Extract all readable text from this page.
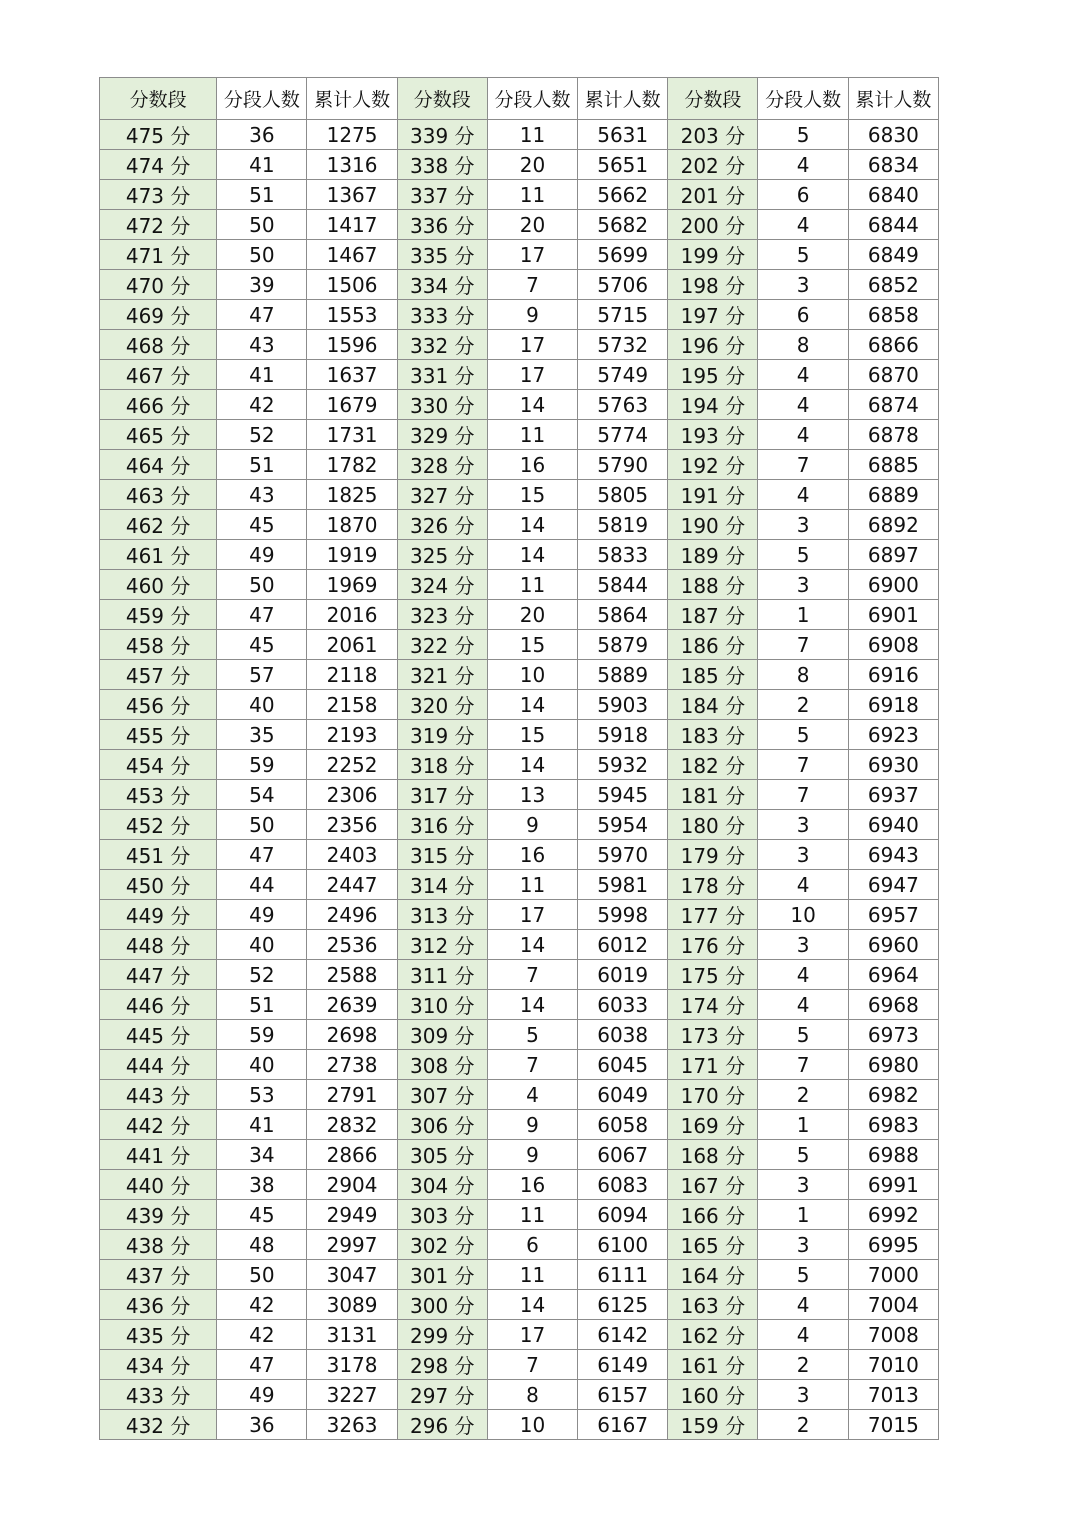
分数段	分段人数	累计人数	分数段	分段人数	累计人数	分数段	分段人数	累计人数
475 分	36	1275	339 分	11	5631	203 分	5	6830
474 分	41	1316	338 分	20	5651	202 分	4	6834
473 分	51	1367	337 分	11	5662	201 分	6	6840
472 分	50	1417	336 分	20	5682	200 分	4	6844
471 分	50	1467	335 分	17	5699	199 分	5	6849
470 分	39	1506	334 分	7	5706	198 分	3	6852
469 分	47	1553	333 分	9	5715	197 分	6	6858
468 分	43	1596	332 分	17	5732	196 分	8	6866
467 分	41	1637	331 分	17	5749	195 分	4	6870
466 分	42	1679	330 分	14	5763	194 分	4	6874
465 分	52	1731	329 分	11	5774	193 分	4	6878
464 分	51	1782	328 分	16	5790	192 分	7	6885
463 分	43	1825	327 分	15	5805	191 分	4	6889
462 分	45	1870	326 分	14	5819	190 分	3	6892
461 分	49	1919	325 分	14	5833	189 分	5	6897
460 分	50	1969	324 分	11	5844	188 分	3	6900
459 分	47	2016	323 分	20	5864	187 分	1	6901
458 分	45	2061	322 分	15	5879	186 分	7	6908
457 分	57	2118	321 分	10	5889	185 分	8	6916
456 分	40	2158	320 分	14	5903	184 分	2	6918
455 分	35	2193	319 分	15	5918	183 分	5	6923
454 分	59	2252	318 分	14	5932	182 分	7	6930
453 分	54	2306	317 分	13	5945	181 分	7	6937
452 分	50	2356	316 分	9	5954	180 分	3	6940
451 分	47	2403	315 分	16	5970	179 分	3	6943
450 分	44	2447	314 分	11	5981	178 分	4	6947
449 分	49	2496	313 分	17	5998	177 分	10	6957
448 分	40	2536	312 分	14	6012	176 分	3	6960
447 分	52	2588	311 分	7	6019	175 分	4	6964
446 分	51	2639	310 分	14	6033	174 分	4	6968
445 分	59	2698	309 分	5	6038	173 分	5	6973
444 分	40	2738	308 分	7	6045	171 分	7	6980
443 分	53	2791	307 分	4	6049	170 分	2	6982
442 分	41	2832	306 分	9	6058	169 分	1	6983
441 分	34	2866	305 分	9	6067	168 分	5	6988
440 分	38	2904	304 分	16	6083	167 分	3	6991
439 分	45	2949	303 分	11	6094	166 分	1	6992
438 分	48	2997	302 分	6	6100	165 分	3	6995
437 分	50	3047	301 分	11	6111	164 分	5	7000
436 分	42	3089	300 分	14	6125	163 分	4	7004
435 分	42	3131	299 分	17	6142	162 分	4	7008
434 分	47	3178	298 分	7	6149	161 分	2	7010
433 分	49	3227	297 分	8	6157	160 分	3	7013
432 分	36	3263	296 分	10	6167	159 分	2	7015
